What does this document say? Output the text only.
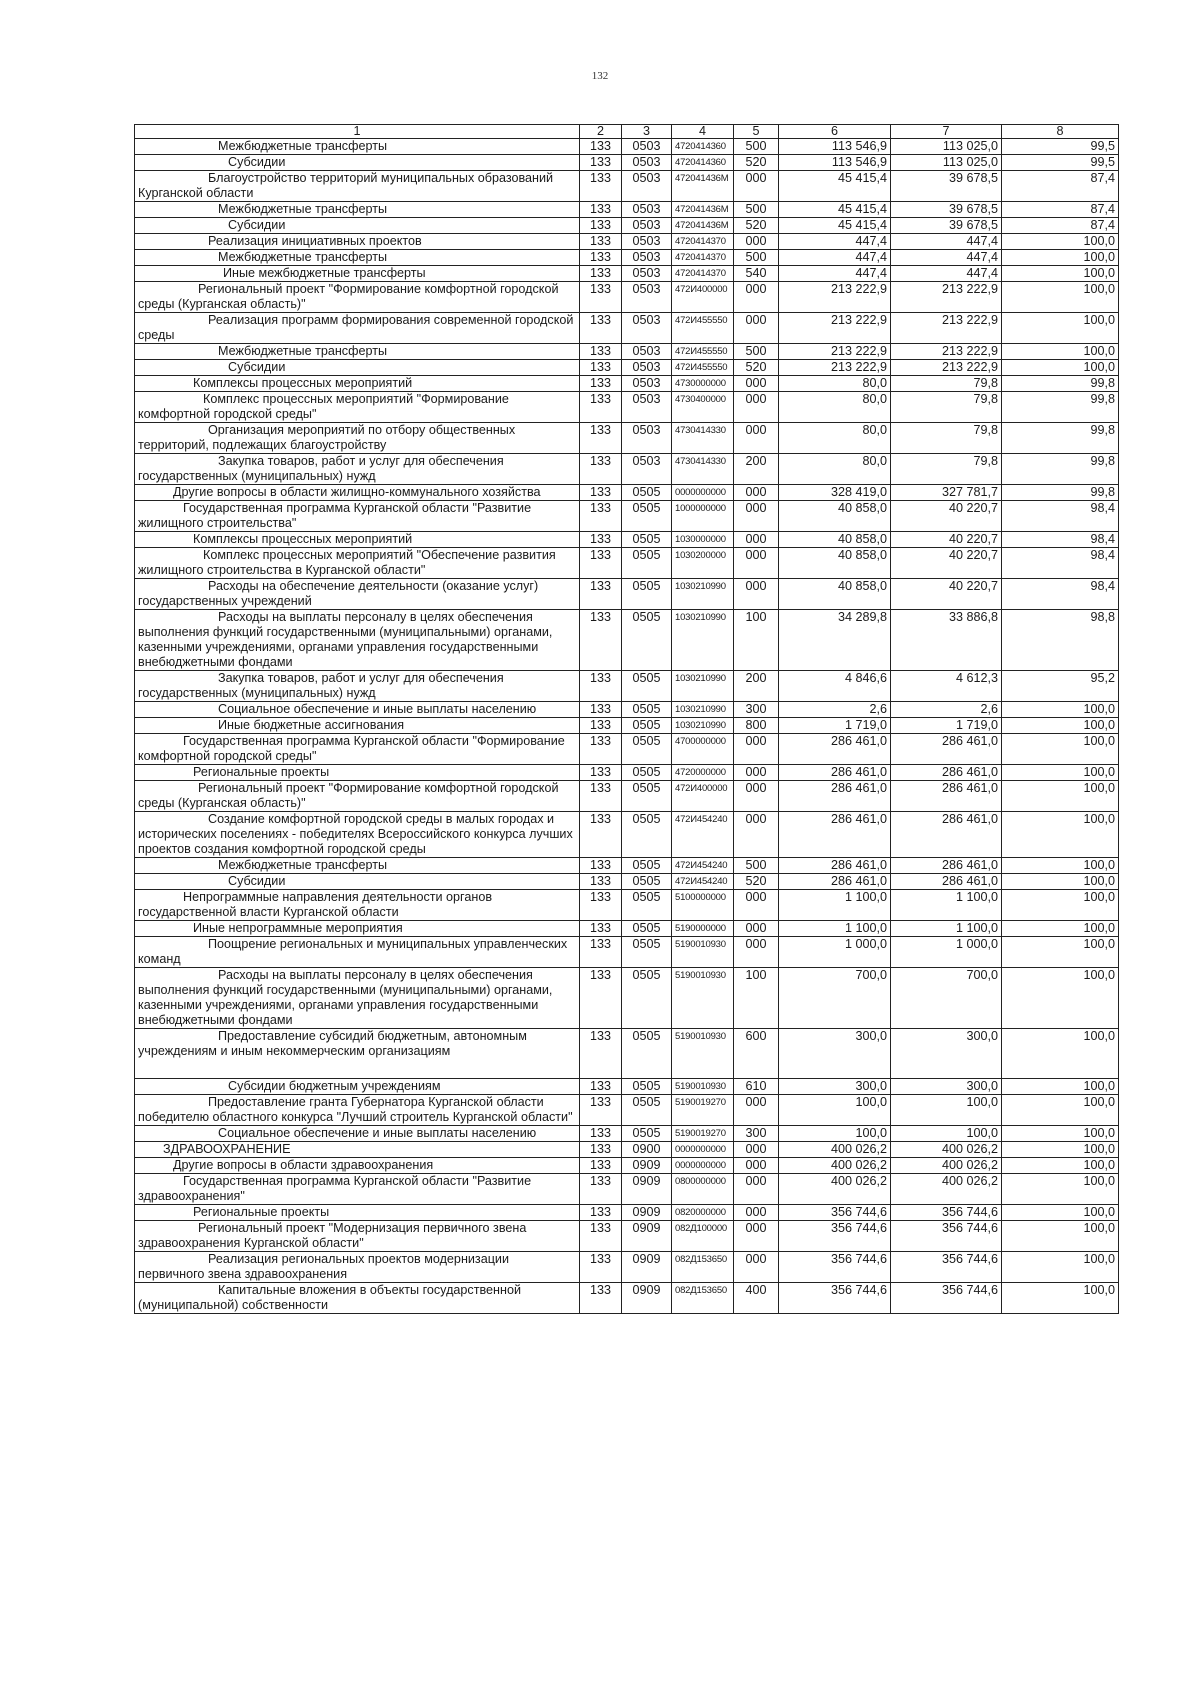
132
1	2	3	4	5	6	7	8

Межбюджетные трансферты	133	0503	4720414360	500	113 546,9	113 025,0	99,5

Субсидии	133	0503	4720414360	520	113 546,9	113 025,0	99,5

Благоустройство территорий муниципальных образований Курганской области	133	0503	472041436М	000	45 415,4	39 678,5	87,4

Межбюджетные трансферты	133	0503	472041436М	500	45 415,4	39 678,5	87,4

Субсидии	133	0503	472041436М	520	45 415,4	39 678,5	87,4

Реализация инициативных проектов	133	0503	4720414370	000	447,4	447,4	100,0

Межбюджетные трансферты	133	0503	4720414370	500	447,4	447,4	100,0

Иные межбюджетные трансферты	133	0503	4720414370	540	447,4	447,4	100,0

Региональный проект "Формирование комфортной городской среды (Курганская область)"	133	0503	472И400000	000	213 222,9	213 222,9	100,0

Реализация программ формирования современной городской среды	133	0503	472И455550	000	213 222,9	213 222,9	100,0

Межбюджетные трансферты	133	0503	472И455550	500	213 222,9	213 222,9	100,0

Субсидии	133	0503	472И455550	520	213 222,9	213 222,9	100,0

Комплексы процессных мероприятий	133	0503	4730000000	000	80,0	79,8	99,8

Комплекс процессных мероприятий "Формирование комфортной городской среды"	133	0503	4730400000	000	80,0	79,8	99,8

Организация мероприятий по отбору общественных территорий, подлежащих благоустройству	133	0503	4730414330	000	80,0	79,8	99,8

Закупка товаров, работ и услуг для обеспечения государственных (муниципальных) нужд	133	0503	4730414330	200	80,0	79,8	99,8

Другие вопросы в области жилищно-коммунального хозяйства	133	0505	0000000000	000	328 419,0	327 781,7	99,8

Государственная программа Курганской области "Развитие жилищного строительства"	133	0505	1000000000	000	40 858,0	40 220,7	98,4

Комплексы процессных мероприятий	133	0505	1030000000	000	40 858,0	40 220,7	98,4

Комплекс процессных мероприятий "Обеспечение развития жилищного строительства в Курганской области"	133	0505	1030200000	000	40 858,0	40 220,7	98,4

Расходы на обеспечение деятельности (оказание услуг) государственных учреждений	133	0505	1030210990	000	40 858,0	40 220,7	98,4

Расходы на выплаты персоналу в целях обеспечения выполнения функций государственными (муниципальными) органами, казенными учреждениями, органами управления государственными внебюджетными фондами	133	0505	1030210990	100	34 289,8	33 886,8	98,8

Закупка товаров, работ и услуг для обеспечения государственных (муниципальных) нужд	133	0505	1030210990	200	4 846,6	4 612,3	95,2

Социальное обеспечение и иные выплаты населению	133	0505	1030210990	300	2,6	2,6	100,0

Иные бюджетные ассигнования	133	0505	1030210990	800	1 719,0	1 719,0	100,0

Государственная программа Курганской области "Формирование комфортной городской среды"	133	0505	4700000000	000	286 461,0	286 461,0	100,0

Региональные проекты	133	0505	4720000000	000	286 461,0	286 461,0	100,0

Региональный проект "Формирование комфортной городской среды (Курганская область)"	133	0505	472И400000	000	286 461,0	286 461,0	100,0

Создание комфортной городской среды в малых городах и исторических поселениях - победителях Всероссийского конкурса лучших проектов создания комфортной городской среды	133	0505	472И454240	000	286 461,0	286 461,0	100,0

Межбюджетные трансферты	133	0505	472И454240	500	286 461,0	286 461,0	100,0

Субсидии	133	0505	472И454240	520	286 461,0	286 461,0	100,0

Непрограммные направления деятельности органов государственной власти Курганской области	133	0505	5100000000	000	1 100,0	1 100,0	100,0

Иные непрограммные мероприятия	133	0505	5190000000	000	1 100,0	1 100,0	100,0

Поощрение региональных и муниципальных управленческих команд	133	0505	5190010930	000	1 000,0	1 000,0	100,0

Расходы на выплаты персоналу в целях обеспечения выполнения функций государственными (муниципальными) органами, казенными учреждениями, органами управления государственными внебюджетными фондами	133	0505	5190010930	100	700,0	700,0	100,0

Предоставление субсидий бюджетным, автономным учреждениям и иным некоммерческим организациям	133	0505	5190010930	600	300,0	300,0	100,0

Субсидии бюджетным учреждениям	133	0505	5190010930	610	300,0	300,0	100,0

Предоставление гранта Губернатора Курганской области победителю областного конкурса "Лучший строитель Курганской области"	133	0505	5190019270	000	100,0	100,0	100,0

Социальное обеспечение и иные выплаты населению	133	0505	5190019270	300	100,0	100,0	100,0

ЗДРАВООХРАНЕНИЕ	133	0900	0000000000	000	400 026,2	400 026,2	100,0

Другие вопросы в области здравоохранения	133	0909	0000000000	000	400 026,2	400 026,2	100,0

Государственная программа Курганской области "Развитие здравоохранения"	133	0909	0800000000	000	400 026,2	400 026,2	100,0

Региональные проекты	133	0909	0820000000	000	356 744,6	356 744,6	100,0

Региональный проект "Модернизация первичного звена здравоохранения Курганской области"	133	0909	082Д100000	000	356 744,6	356 744,6	100,0

Реализация региональных проектов модернизации первичного звена здравоохранения	133	0909	082Д153650	000	356 744,6	356 744,6	100,0

Капитальные вложения в объекты государственной (муниципальной) собственности	133	0909	082Д153650	400	356 744,6	356 744,6	100,0
